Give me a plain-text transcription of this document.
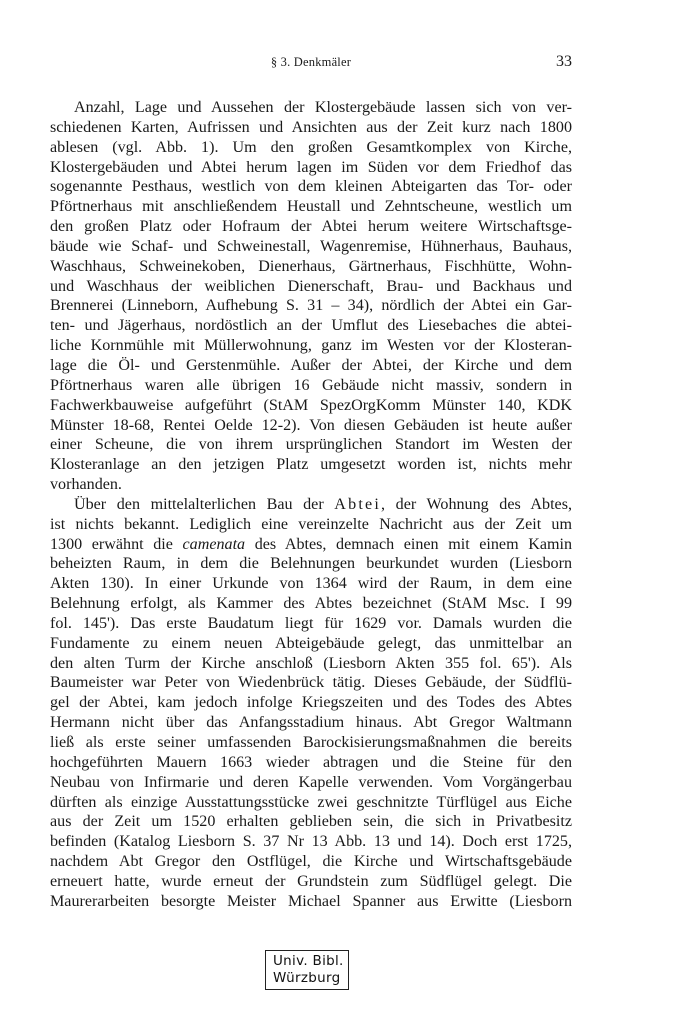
§ 3. Denkmäler	33
Anzahl, Lage und Aussehen der Klostergebäude lassen sich von ver-
schiedenen Karten, Aufrissen und Ansichten aus der Zeit kurz nach 1800
ablesen (vgl. Abb. 1). Um den großen Gesamtkomplex von Kirche,
Klostergebäuden und Abtei herum lagen im Süden vor dem Friedhof das
sogenannte Pesthaus, westlich von dem kleinen Abteigarten das Tor- oder
Pförtnerhaus mit anschließendem Heustall und Zehntscheune, westlich um
den großen Platz oder Hofraum der Abtei herum weitere Wirtschaftsge-
bäude wie Schaf- und Schweinestall, Wagenremise, Hühnerhaus, Bauhaus,
Waschhaus, Schweinekoben, Dienerhaus, Gärtnerhaus, Fischhütte, Wohn-
und Waschhaus der weiblichen Dienerschaft, Brau- und Backhaus und
Brennerei (Linneborn, Aufhebung S. 31 – 34), nördlich der Abtei ein Gar-
ten- und Jägerhaus, nordöstlich an der Umflut des Liesebaches die abtei-
liche Kornmühle mit Müllerwohnung, ganz im Westen vor der Klosteran-
lage die Öl- und Gerstenmühle. Außer der Abtei, der Kirche und dem
Pförtnerhaus waren alle übrigen 16 Gebäude nicht massiv, sondern in
Fachwerkbauweise aufgeführt (StAM SpezOrgKomm Münster 140, KDK
Münster 18-68, Rentei Oelde 12-2). Von diesen Gebäuden ist heute außer
einer Scheune, die von ihrem ursprünglichen Standort im Westen der
Klosteranlage an den jetzigen Platz umgesetzt worden ist, nichts mehr
vorhanden.
Über den mittelalterlichen Bau der Abtei, der Wohnung des Abtes,
ist nichts bekannt. Lediglich eine vereinzelte Nachricht aus der Zeit um
1300 erwähnt die camenata des Abtes, demnach einen mit einem Kamin
beheizten Raum, in dem die Belehnungen beurkundet wurden (Liesborn
Akten 130). In einer Urkunde von 1364 wird der Raum, in dem eine
Belehnung erfolgt, als Kammer des Abtes bezeichnet (StAM Msc. I 99
fol. 145'). Das erste Baudatum liegt für 1629 vor. Damals wurden die
Fundamente zu einem neuen Abteigebäude gelegt, das unmittelbar an
den alten Turm der Kirche anschloß (Liesborn Akten 355 fol. 65'). Als
Baumeister war Peter von Wiedenbrück tätig. Dieses Gebäude, der Südflü-
gel der Abtei, kam jedoch infolge Kriegszeiten und des Todes des Abtes
Hermann nicht über das Anfangsstadium hinaus. Abt Gregor Waltmann
ließ als erste seiner umfassenden Barockisierungsmaßnahmen die bereits
hochgeführten Mauern 1663 wieder abtragen und die Steine für den
Neubau von Infirmarie und deren Kapelle verwenden. Vom Vorgängerbau
dürften als einzige Ausstattungsstücke zwei geschnitzte Türflügel aus Eiche
aus der Zeit um 1520 erhalten geblieben sein, die sich in Privatbesitz
befinden (Katalog Liesborn S. 37 Nr 13 Abb. 13 und 14). Doch erst 1725,
nachdem Abt Gregor den Ostflügel, die Kirche und Wirtschaftsgebäude
erneuert hatte, wurde erneut der Grundstein zum Südflügel gelegt. Die
Maurerarbeiten besorgte Meister Michael Spanner aus Erwitte (Liesborn
Univ. Bibl.
Würzburg
